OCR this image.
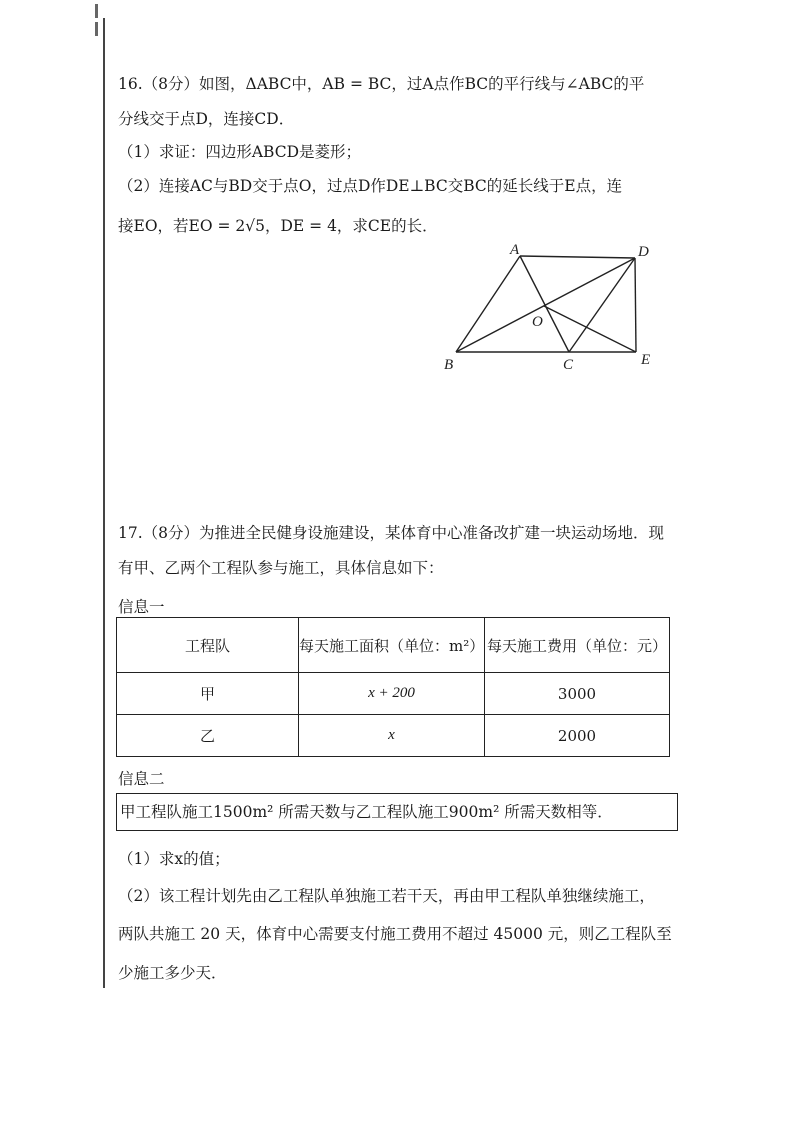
16.（8分）如图，ΔABC中，AB = BC，过A点作BC的平行线与∠ABC的平
分线交于点D，连接CD．
（1）求证：四边形ABCD是菱形；
（2）连接AC与BD交于点O，过点D作DE⊥BC交BC的延长线于E点，连
接EO，若EO = 2√5，DE = 4，求CE的长．
A	D
O
B	C	E
17.（8分）为推进全民健身设施建设，某体育中心准备改扩建一块运动场地．现
有甲、乙两个工程队参与施工，具体信息如下：
信息一
工程队	每天施工面积（单位：m²）	每天施工费用（单位：元）
甲	x + 200	3000
乙	x	2000
信息二
甲工程队施工1500m² 所需天数与乙工程队施工900m² 所需天数相等．
（1）求x的值；
（2）该工程计划先由乙工程队单独施工若干天，再由甲工程队单独继续施工，
两队共施工 20 天，体育中心需要支付施工费用不超过 45000 元，则乙工程队至
少施工多少天．
